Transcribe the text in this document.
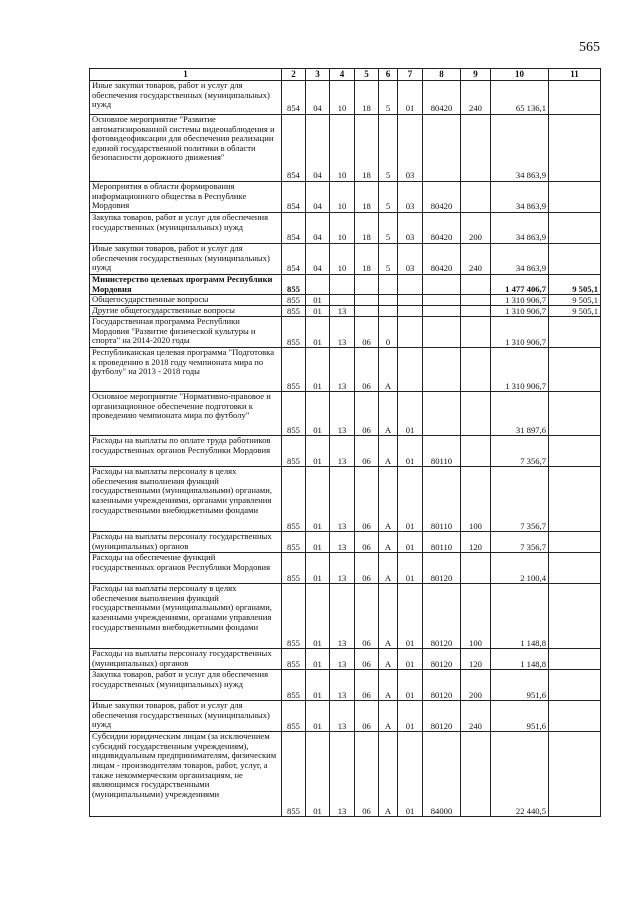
565
1	2	3	4	5	6	7	8	9	10	11
Иные закупки товаров, работ и услуг для обеспечения государственных (муниципальных) нужд	854	04	10	18	5	01	80420	240	65 136,1	
Основное мероприятие "Развитие автоматизированной системы видеонаблюдения и фотовидеофиксации для обеспечения реализации единой государственной политики в области безопасности дорожного движения"	854	04	10	18	5	03			34 863,9	
Мероприятия в области формирования информационного общества в Республике Мордовия	854	04	10	18	5	03	80420		34 863,9	
Закупка товаров, работ и услуг для обеспечения государственных (муниципальных) нужд	854	04	10	18	5	03	80420	200	34 863,9	
Иные закупки товаров, работ и услуг для обеспечения государственных (муниципальных) нужд	854	04	10	18	5	03	80420	240	34 863,9	
Министерство целевых программ Республики Мордовия	855								1 477 406,7	9 505,1
Общегосударственные вопросы	855	01							1 310 906,7	9 505,1
Другие общегосударственные вопросы	855	01	13						1 310 906,7	9 505,1
Государственная программа Республики Мордовия "Развитие физической культуры и спорта" на 2014-2020 годы	855	01	13	06	0				1 310 906,7	
Республиканская целевая программа "Подготовка к проведению в 2018 году чемпионата мира по футболу" на 2013 - 2018 годы	855	01	13	06	А				1 310 906,7	
Основное мероприятие "Нормативно-правовое и организационное обеспечение подготовки к проведению чемпионата мира по футболу"	855	01	13	06	А	01			31 897,6	
Расходы на выплаты по оплате труда работников государственных органов Республики Мордовия	855	01	13	06	А	01	80110		7 356,7	
Расходы на выплаты персоналу в целях обеспечения выполнения функций государственными (муниципальными) органами, казенными учреждениями, органами управления государственными внебюджетными фондами	855	01	13	06	А	01	80110	100	7 356,7	
Расходы на выплаты персоналу государственных (муниципальных) органов	855	01	13	06	А	01	80110	120	7 356,7	
Расходы на обеспечение функций государственных органов Республики Мордовия	855	01	13	06	А	01	80120		2 100,4	
Расходы на выплаты персоналу в целях обеспечения выполнения функций государственными (муниципальными) органами, казенными учреждениями, органами управления государственными внебюджетными фондами	855	01	13	06	А	01	80120	100	1 148,8	
Расходы на выплаты персоналу государственных (муниципальных) органов	855	01	13	06	А	01	80120	120	1 148,8	
Закупка товаров, работ и услуг для обеспечения государственных (муниципальных) нужд	855	01	13	06	А	01	80120	200	951,6	
Иные закупки товаров, работ и услуг для обеспечения государственных (муниципальных) нужд	855	01	13	06	А	01	80120	240	951,6	
Субсидии юридическим лицам (за исключением субсидий государственным учреждениям), индивидуальным предпринимателям, физическим лицам - производителям товаров, работ, услуг, а также некоммерческим организациям, не являющимся государственными (муниципальными) учреждениями	855	01	13	06	А	01	84000		22 440,5	
